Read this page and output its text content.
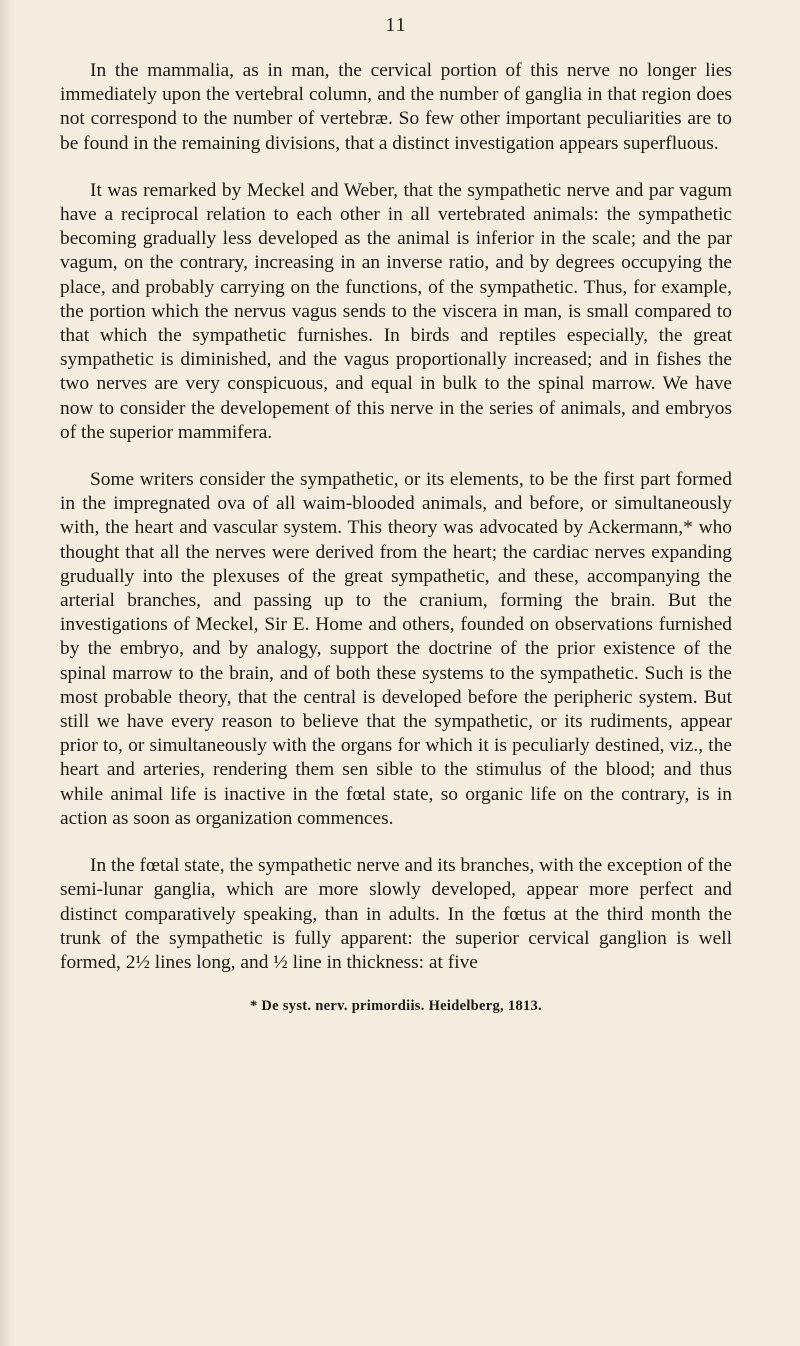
11

In the mammalia, as in man, the cervical portion of this nerve no longer lies immediately upon the vertebral column, and the number of ganglia in that region does not correspond to the number of vertebræ. So few other important peculiarities are to be found in the remaining divisions, that a distinct investigation appears superfluous.

It was remarked by Meckel and Weber, that the sympathetic nerve and par vagum have a reciprocal relation to each other in all vertebrated animals: the sympathetic becoming gradually less developed as the animal is inferior in the scale; and the par vagum, on the contrary, increasing in an inverse ratio, and by degrees occupying the place, and probably carrying on the functions, of the sympathetic. Thus, for example, the portion which the nervus vagus sends to the viscera in man, is small compared to that which the sympathetic furnishes. In birds and reptiles especially, the great sympathetic is diminished, and the vagus proportionally increased; and in fishes the two nerves are very conspicuous, and equal in bulk to the spinal marrow. We have now to consider the developement of this nerve in the series of animals, and embryos of the superior mammifera.

Some writers consider the sympathetic, or its elements, to be the first part formed in the impregnated ova of all waim-blooded animals, and before, or simultaneously with, the heart and vascular system. This theory was advocated by Ackermann,* who thought that all the nerves were derived from the heart; the cardiac nerves expanding grudually into the plexuses of the great sympathetic, and these, accompanying the arterial branches, and passing up to the cranium, forming the brain. But the investigations of Meckel, Sir E. Home and others, founded on observations furnished by the embryo, and by analogy, support the doctrine of the prior existence of the spinal marrow to the brain, and of both these systems to the sympathetic. Such is the most probable theory, that the central is developed before the peripheric system. But still we have every reason to believe that the sympathetic, or its rudiments, appear prior to, or simultaneously with the organs for which it is peculiarly destined, viz., the heart and arteries, rendering them sen sible to the stimulus of the blood; and thus while animal life is inactive in the fœtal state, so organic life on the contrary, is in action as soon as organization commences.

In the fœtal state, the sympathetic nerve and its branches, with the exception of the semi-lunar ganglia, which are more slowly developed, appear more perfect and distinct comparatively speaking, than in adults. In the fœtus at the third month the trunk of the sympathetic is fully apparent: the superior cervical ganglion is well formed, 2½ lines long, and ½ line in thickness: at five

* De syst. nerv. primordiis. Heidelberg, 1813.
